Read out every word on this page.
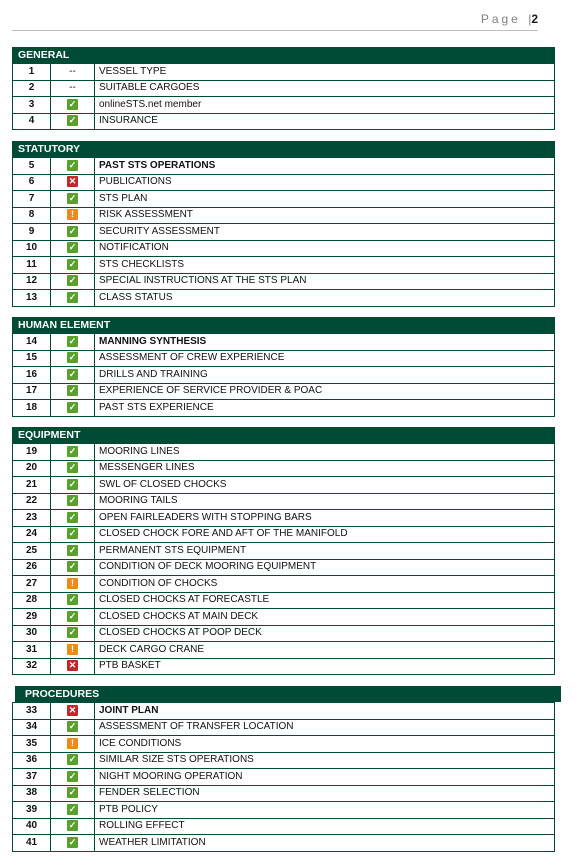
Page |2
GENERAL
1	--	VESSEL TYPE
2	--	SUITABLE CARGOES
3	✓	onlineSTS.net member
4	✓	INSURANCE
STATUTORY
5	✓	PAST STS OPERATIONS
6	✕	PUBLICATIONS
7	✓	STS PLAN
8	!	RISK ASSESSMENT
9	✓	SECURITY ASSESSMENT
10	✓	NOTIFICATION
11	✓	STS CHECKLISTS
12	✓	SPECIAL INSTRUCTIONS AT THE STS PLAN
13	✓	CLASS STATUS
HUMAN ELEMENT
14	✓	MANNING SYNTHESIS
15	✓	ASSESSMENT OF CREW EXPERIENCE
16	✓	DRILLS AND TRAINING
17	✓	EXPERIENCE OF SERVICE PROVIDER & POAC
18	✓	PAST STS EXPERIENCE
EQUIPMENT
19	✓	MOORING LINES
20	✓	MESSENGER LINES
21	✓	SWL OF CLOSED CHOCKS
22	✓	MOORING TAILS
23	✓	OPEN FAIRLEADERS WITH STOPPING BARS
24	✓	CLOSED CHOCK FORE AND AFT OF THE MANIFOLD
25	✓	PERMANENT STS EQUIPMENT
26	✓	CONDITION OF DECK MOORING EQUIPMENT
27	!	CONDITION OF CHOCKS
28	✓	CLOSED CHOCKS AT FORECASTLE
29	✓	CLOSED CHOCKS AT MAIN DECK
30	✓	CLOSED CHOCKS AT POOP DECK
31	!	DECK CARGO CRANE
32	✕	PTB BASKET
PROCEDURES
33	✕	JOINT PLAN
34	✓	ASSESSMENT OF TRANSFER LOCATION
35	!	ICE CONDITIONS
36	✓	SIMILAR SIZE STS OPERATIONS
37	✓	NIGHT MOORING OPERATION
38	✓	FENDER SELECTION
39	✓	PTB POLICY
40	✓	ROLLING EFFECT
41	✓	WEATHER LIMITATION
